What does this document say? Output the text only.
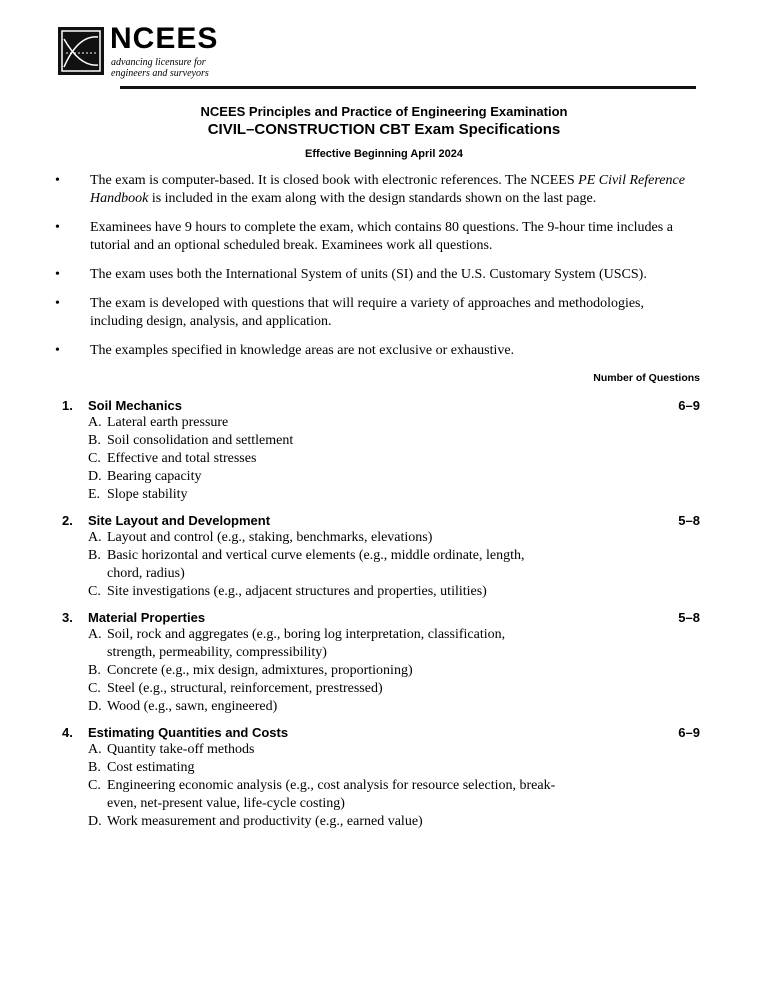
NCEES
advancing licensure for engineers and surveyors
NCEES Principles and Practice of Engineering Examination
CIVIL–CONSTRUCTION CBT Exam Specifications
Effective Beginning April 2024
• The exam is computer-based. It is closed book with electronic references. The NCEES PE Civil Reference Handbook is included in the exam along with the design standards shown on the last page.
• Examinees have 9 hours to complete the exam, which contains 80 questions. The 9-hour time includes a tutorial and an optional scheduled break. Examinees work all questions.
• The exam uses both the International System of units (SI) and the U.S. Customary System (USCS).
• The exam is developed with questions that will require a variety of approaches and methodologies, including design, analysis, and application.
• The examples specified in knowledge areas are not exclusive or exhaustive.
Number of Questions
1. Soil Mechanics	6–9
A. Lateral earth pressure
B. Soil consolidation and settlement
C. Effective and total stresses
D. Bearing capacity
E. Slope stability
2. Site Layout and Development	5–8
A. Layout and control (e.g., staking, benchmarks, elevations)
B. Basic horizontal and vertical curve elements (e.g., middle ordinate, length, chord, radius)
C. Site investigations (e.g., adjacent structures and properties, utilities)
3. Material Properties	5–8
A. Soil, rock and aggregates (e.g., boring log interpretation, classification, strength, permeability, compressibility)
B. Concrete (e.g., mix design, admixtures, proportioning)
C. Steel (e.g., structural, reinforcement, prestressed)
D. Wood (e.g., sawn, engineered)
4. Estimating Quantities and Costs	6–9
A. Quantity take-off methods
B. Cost estimating
C. Engineering economic analysis (e.g., cost analysis for resource selection, break-even, net-present value, life-cycle costing)
D. Work measurement and productivity (e.g., earned value)
